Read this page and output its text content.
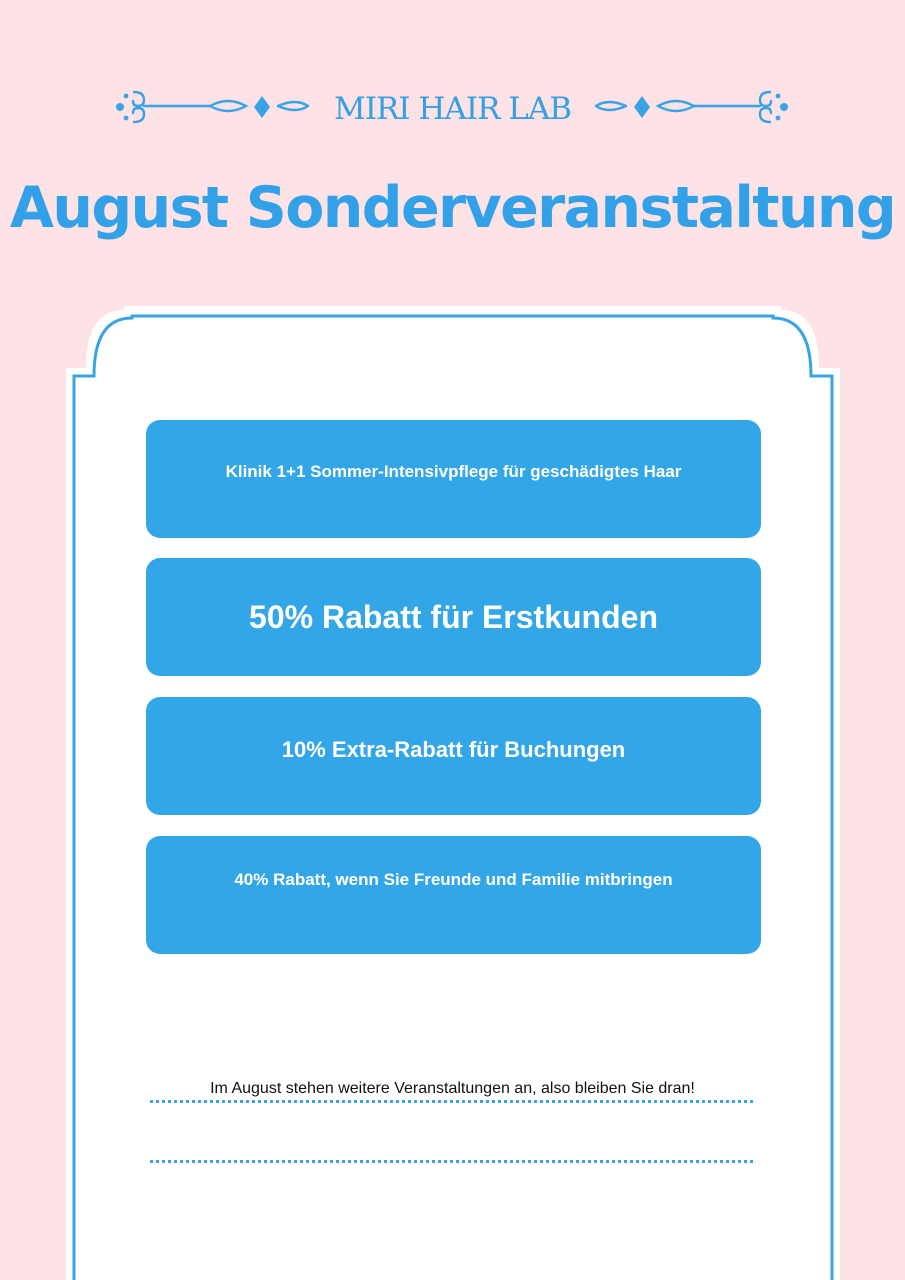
MIRI HAIR LAB
August Sonderveranstaltung
Klinik 1+1 Sommer-Intensivpflege für geschädigtes Haar
50% Rabatt für Erstkunden
10% Extra-Rabatt für Buchungen
40% Rabatt, wenn Sie Freunde und Familie mitbringen
Im August stehen weitere Veranstaltungen an, also bleiben Sie dran!
